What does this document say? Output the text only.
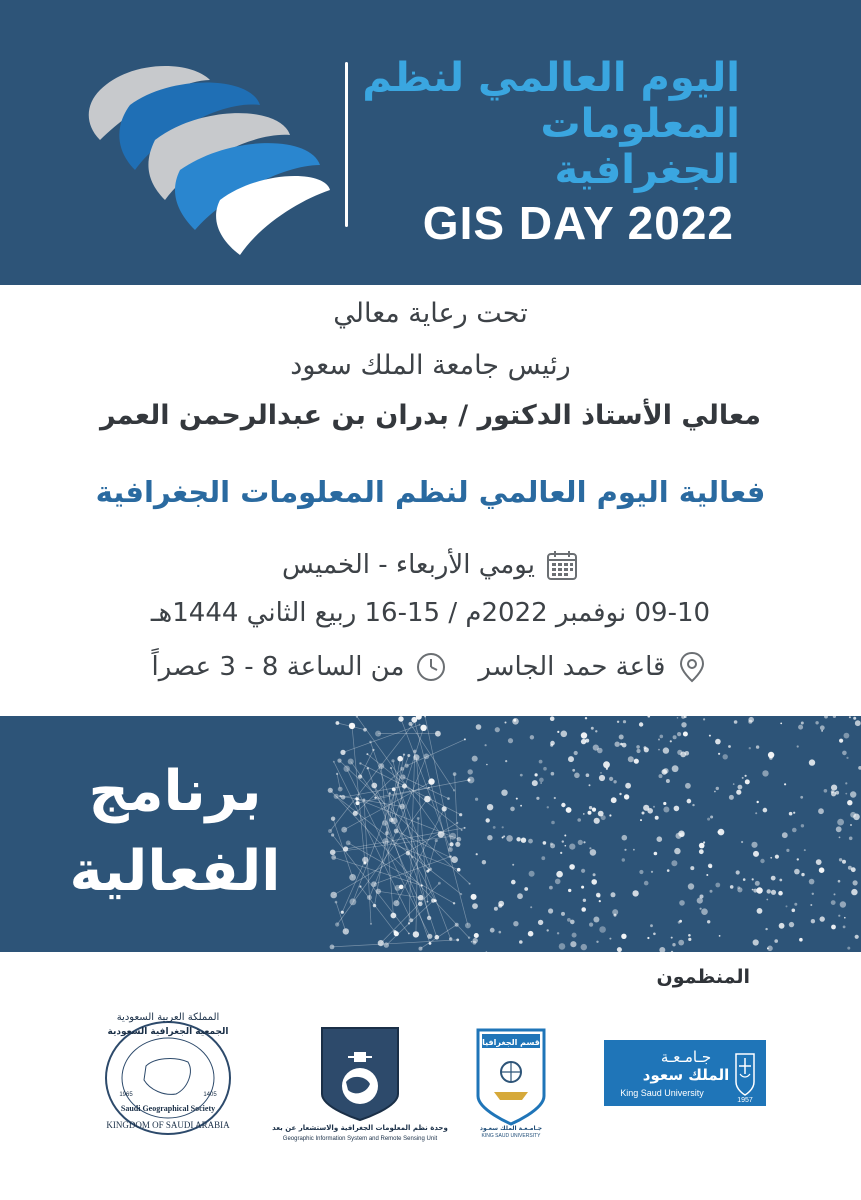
اليوم العالمي لنظم
المعلومات الجغرافية
GIS DAY 2022
تحت رعاية معالي
رئيس جامعة الملك سعود
معالي الأستاذ الدكتور / بدران بن عبدالرحمن العمر
فعالية اليوم العالمي لنظم المعلومات الجغرافية
يومي الأربعاء - الخميس
09-10 نوفمبر 2022م / 15-16 ربيع الثاني 1444هـ
قاعة حمد الجاسر
من الساعة 8 - 3 عصراً
برنامج
الفعالية
المنظمون
جـامـعـة
الملك سعود
King Saud University
1957
قسم الجغرافيا
جـامـعـة الملك سعـود
KING SAUD UNIVERSITY
وحدة نظم المعلومات الجغرافية والاستشعار عن بعد
Geographic Information System and Remote Sensing Unit
المملكة العربية السعودية
الجمعية الجغرافية السعودية
Saudi Geographical Society
KINGDOM OF SAUDI ARABIA
1965	1405
